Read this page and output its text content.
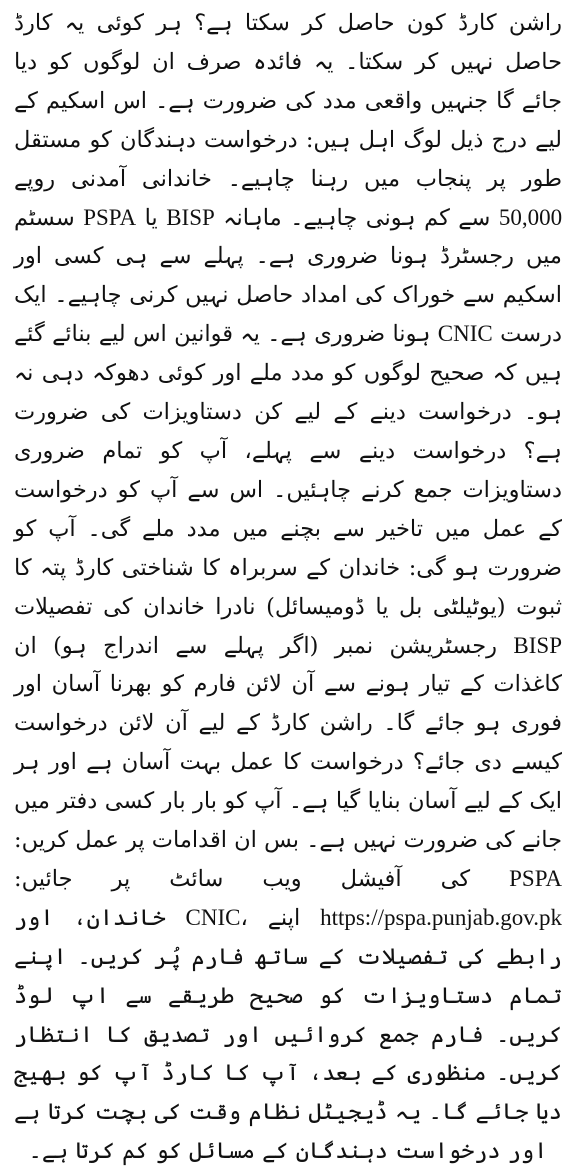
راشن کارڈ کون حاصل کر سکتا ہے؟ ہر کوئی یہ کارڈ حاصل نہیں کر سکتا۔ یہ فائدہ صرف ان لوگوں کو دیا جائے گا جنہیں واقعی مدد کی ضرورت ہے۔ اس اسکیم کے لیے درج ذیل لوگ اہل ہیں: درخواست دہندگان کو مستقل طور پر پنجاب میں رہنا چاہیے۔ خاندانی آمدنی روپے 50,000 سے کم ہونی چاہیے۔ ماہانہ BISP یا PSPA سسٹم میں رجسٹرڈ ہونا ضروری ہے۔ پہلے سے ہی کسی اور اسکیم سے خوراک کی امداد حاصل نہیں کرنی چاہیے۔ ایک درست CNIC ہونا ضروری ہے۔ یہ قوانین اس لیے بنائے گئے ہیں کہ صحیح لوگوں کو مدد ملے اور کوئی دھوکہ دہی نہ ہو۔ درخواست دینے کے لیے کن دستاویزات کی ضرورت ہے؟ درخواست دینے سے پہلے، آپ کو تمام ضروری دستاویزات جمع کرنے چاہئیں۔ اس سے آپ کو درخواست کے عمل میں تاخیر سے بچنے میں مدد ملے گی۔ آپ کو ضرورت ہو گی: خاندان کے سربراہ کا شناختی کارڈ پتہ کا ثبوت (یوٹیلٹی بل یا ڈومیسائل) نادرا خاندان کی تفصیلات BISP رجسٹریشن نمبر (اگر پہلے سے اندراج ہو) ان کاغذات کے تیار ہونے سے آن لائن فارم کو بھرنا آسان اور فوری ہو جائے گا۔ راشن کارڈ کے لیے آن لائن درخواست کیسے دی جائے؟ درخواست کا عمل بہت آسان ہے اور ہر ایک کے لیے آسان بنایا گیا ہے۔ آپ کو بار بار کسی دفتر میں جانے کی ضرورت نہیں ہے۔ بس ان اقدامات پر عمل کریں: PSPA کی آفیشل ویب سائٹ پر جائیں: https://pspa.punjab.gov.pk اپنے CNIC، خاندان، اور رابطے کی تفصیلات کے ساتھ فارم پُر کریں۔ اپنے تمام دستاویزات کو صحیح طریقے سے اپ لوڈ کریں۔ فارم جمع کروائیں اور تصدیق کا انتظار کریں۔ منظوری کے بعد، آپ کا کارڈ آپ کو بھیج دیا جائے گا۔ یہ ڈیجیٹل نظام وقت کی بچت کرتا ہے اور درخواست دہندگان کے مسائل کو کم کرتا ہے۔
